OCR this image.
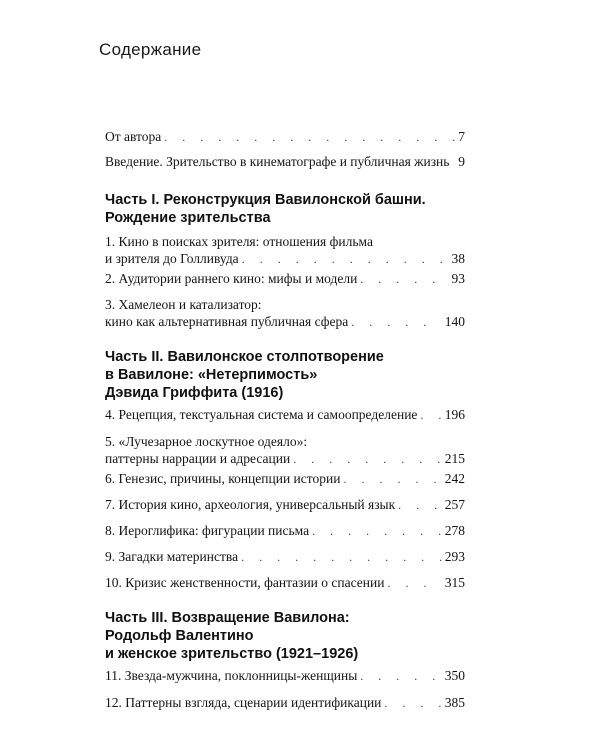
Содержание
От автора . . .	7
Введение. Зрительство в кинематографе и публичная жизнь 9
Часть I. Реконструкция Вавилонской башни.
Рождение зрительства
1. Кино в поисках зрителя: отношения фильма
и зрителя до Голливуда . . .	38
2. Аудитории раннего кино: мифы и модели . . .	93
3. Хамелеон и катализатор:
кино как альтернативная публичная сфера . . .	140
Часть II. Вавилонское столпотворение
в Вавилоне: «Нетерпимость»
Дэвида Гриффита (1916)
4. Рецепция, текстуальная система и самоопределение . . . 196
5. «Лучезарное лоскутное одеяло»:
паттерны наррации и адресации . . .	215
6. Генезис, причины, концепции истории . . .	242
7. История кино, археология, универсальный язык . . .	257
8. Иероглифика: фигурации письма . . .	278
9. Загадки материнства . . .	293
10. Кризис женственности, фантазии о спасении . . .	315
Часть III. Возвращение Вавилона:
Родольф Валентино
и женское зрительство (1921–1926)
11. Звезда-мужчина, поклонницы-женщины . . .	350
12. Паттерны взгляда, сценарии идентификации . . .	385
